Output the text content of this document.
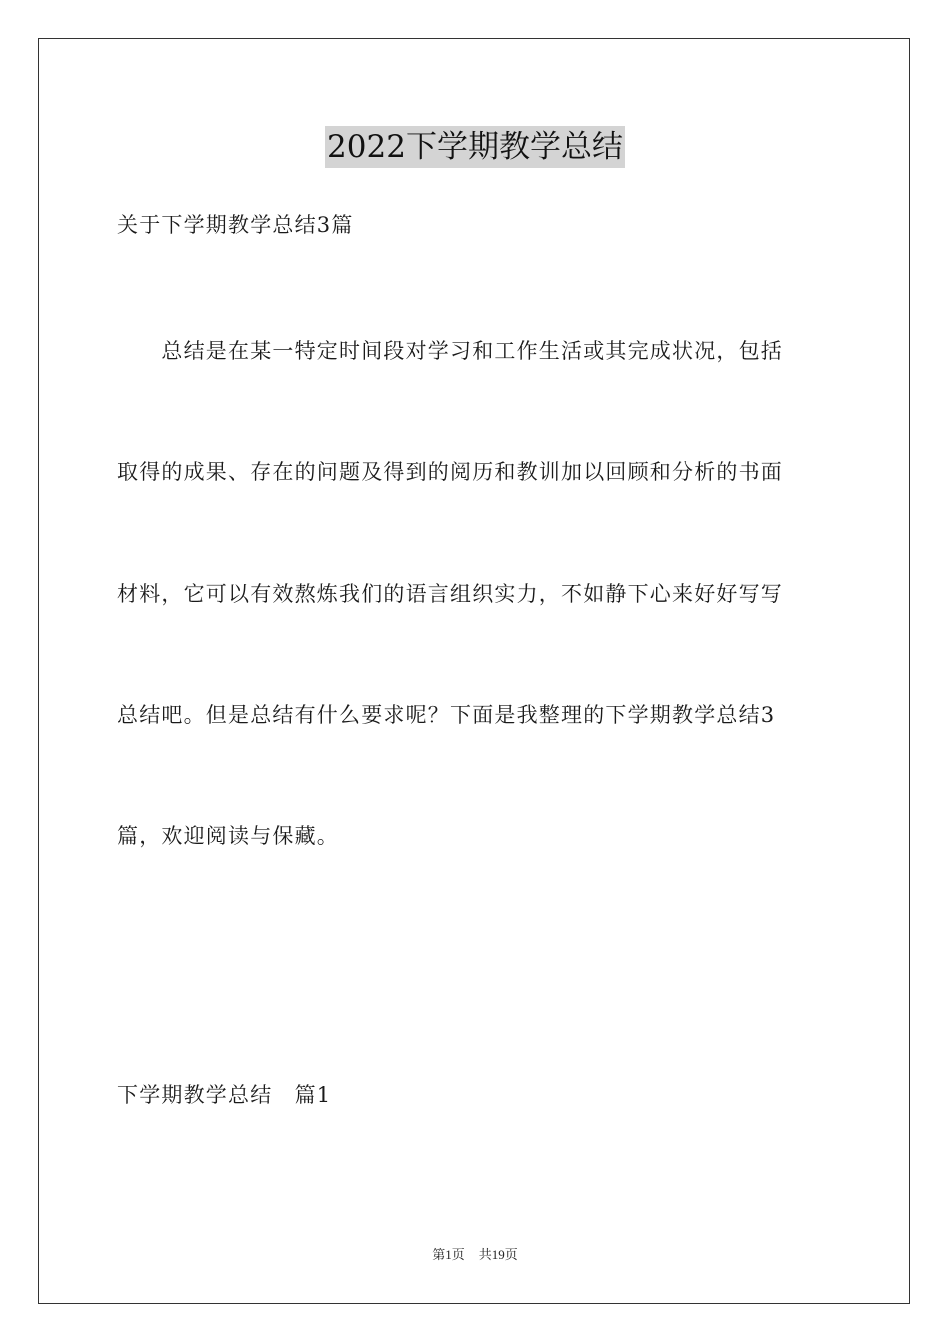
2022下学期教学总结
关于下学期教学总结3篇
　　总结是在某一特定时间段对学习和工作生活或其完成状况，包括
取得的成果、存在的问题及得到的阅历和教训加以回顾和分析的书面
材料，它可以有效熬炼我们的语言组织实力，不如静下心来好好写写
总结吧。但是总结有什么要求呢？下面是我整理的下学期教学总结3
篇，欢迎阅读与保藏。
下学期教学总结　篇1
第1页 共19页
